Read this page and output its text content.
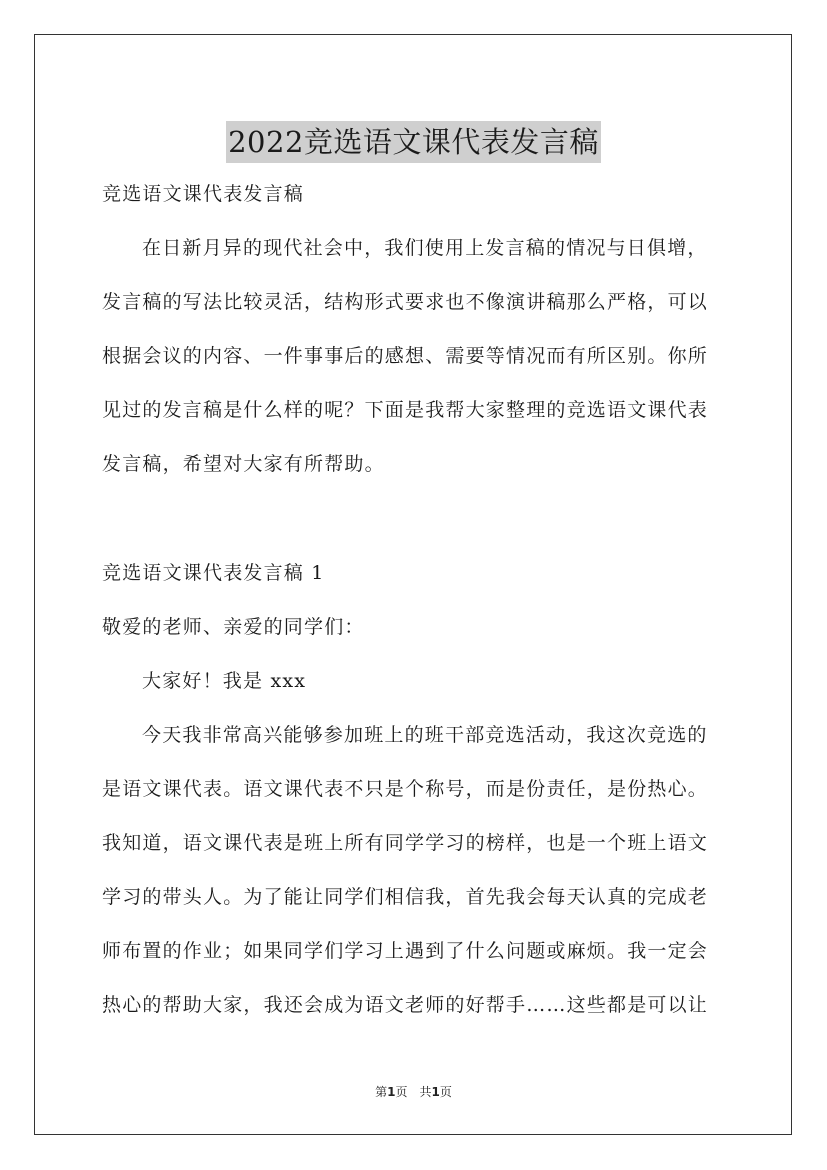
2022竞选语文课代表发言稿
竞选语文课代表发言稿
在日新月异的现代社会中，我们使用上发言稿的情况与日俱增，
发言稿的写法比较灵活，结构形式要求也不像演讲稿那么严格，可以
根据会议的内容、一件事事后的感想、需要等情况而有所区别。你所
见过的发言稿是什么样的呢？下面是我帮大家整理的竞选语文课代表
发言稿，希望对大家有所帮助。
竞选语文课代表发言稿 1
敬爱的老师、亲爱的同学们：
大家好！我是 xxx
今天我非常高兴能够参加班上的班干部竞选活动，我这次竞选的
是语文课代表。语文课代表不只是个称号，而是份责任，是份热心。
我知道，语文课代表是班上所有同学学习的榜样，也是一个班上语文
学习的带头人。为了能让同学们相信我，首先我会每天认真的完成老
师布置的作业；如果同学们学习上遇到了什么问题或麻烦。我一定会
热心的帮助大家，我还会成为语文老师的好帮手……这些都是可以让
第1页　共1页
